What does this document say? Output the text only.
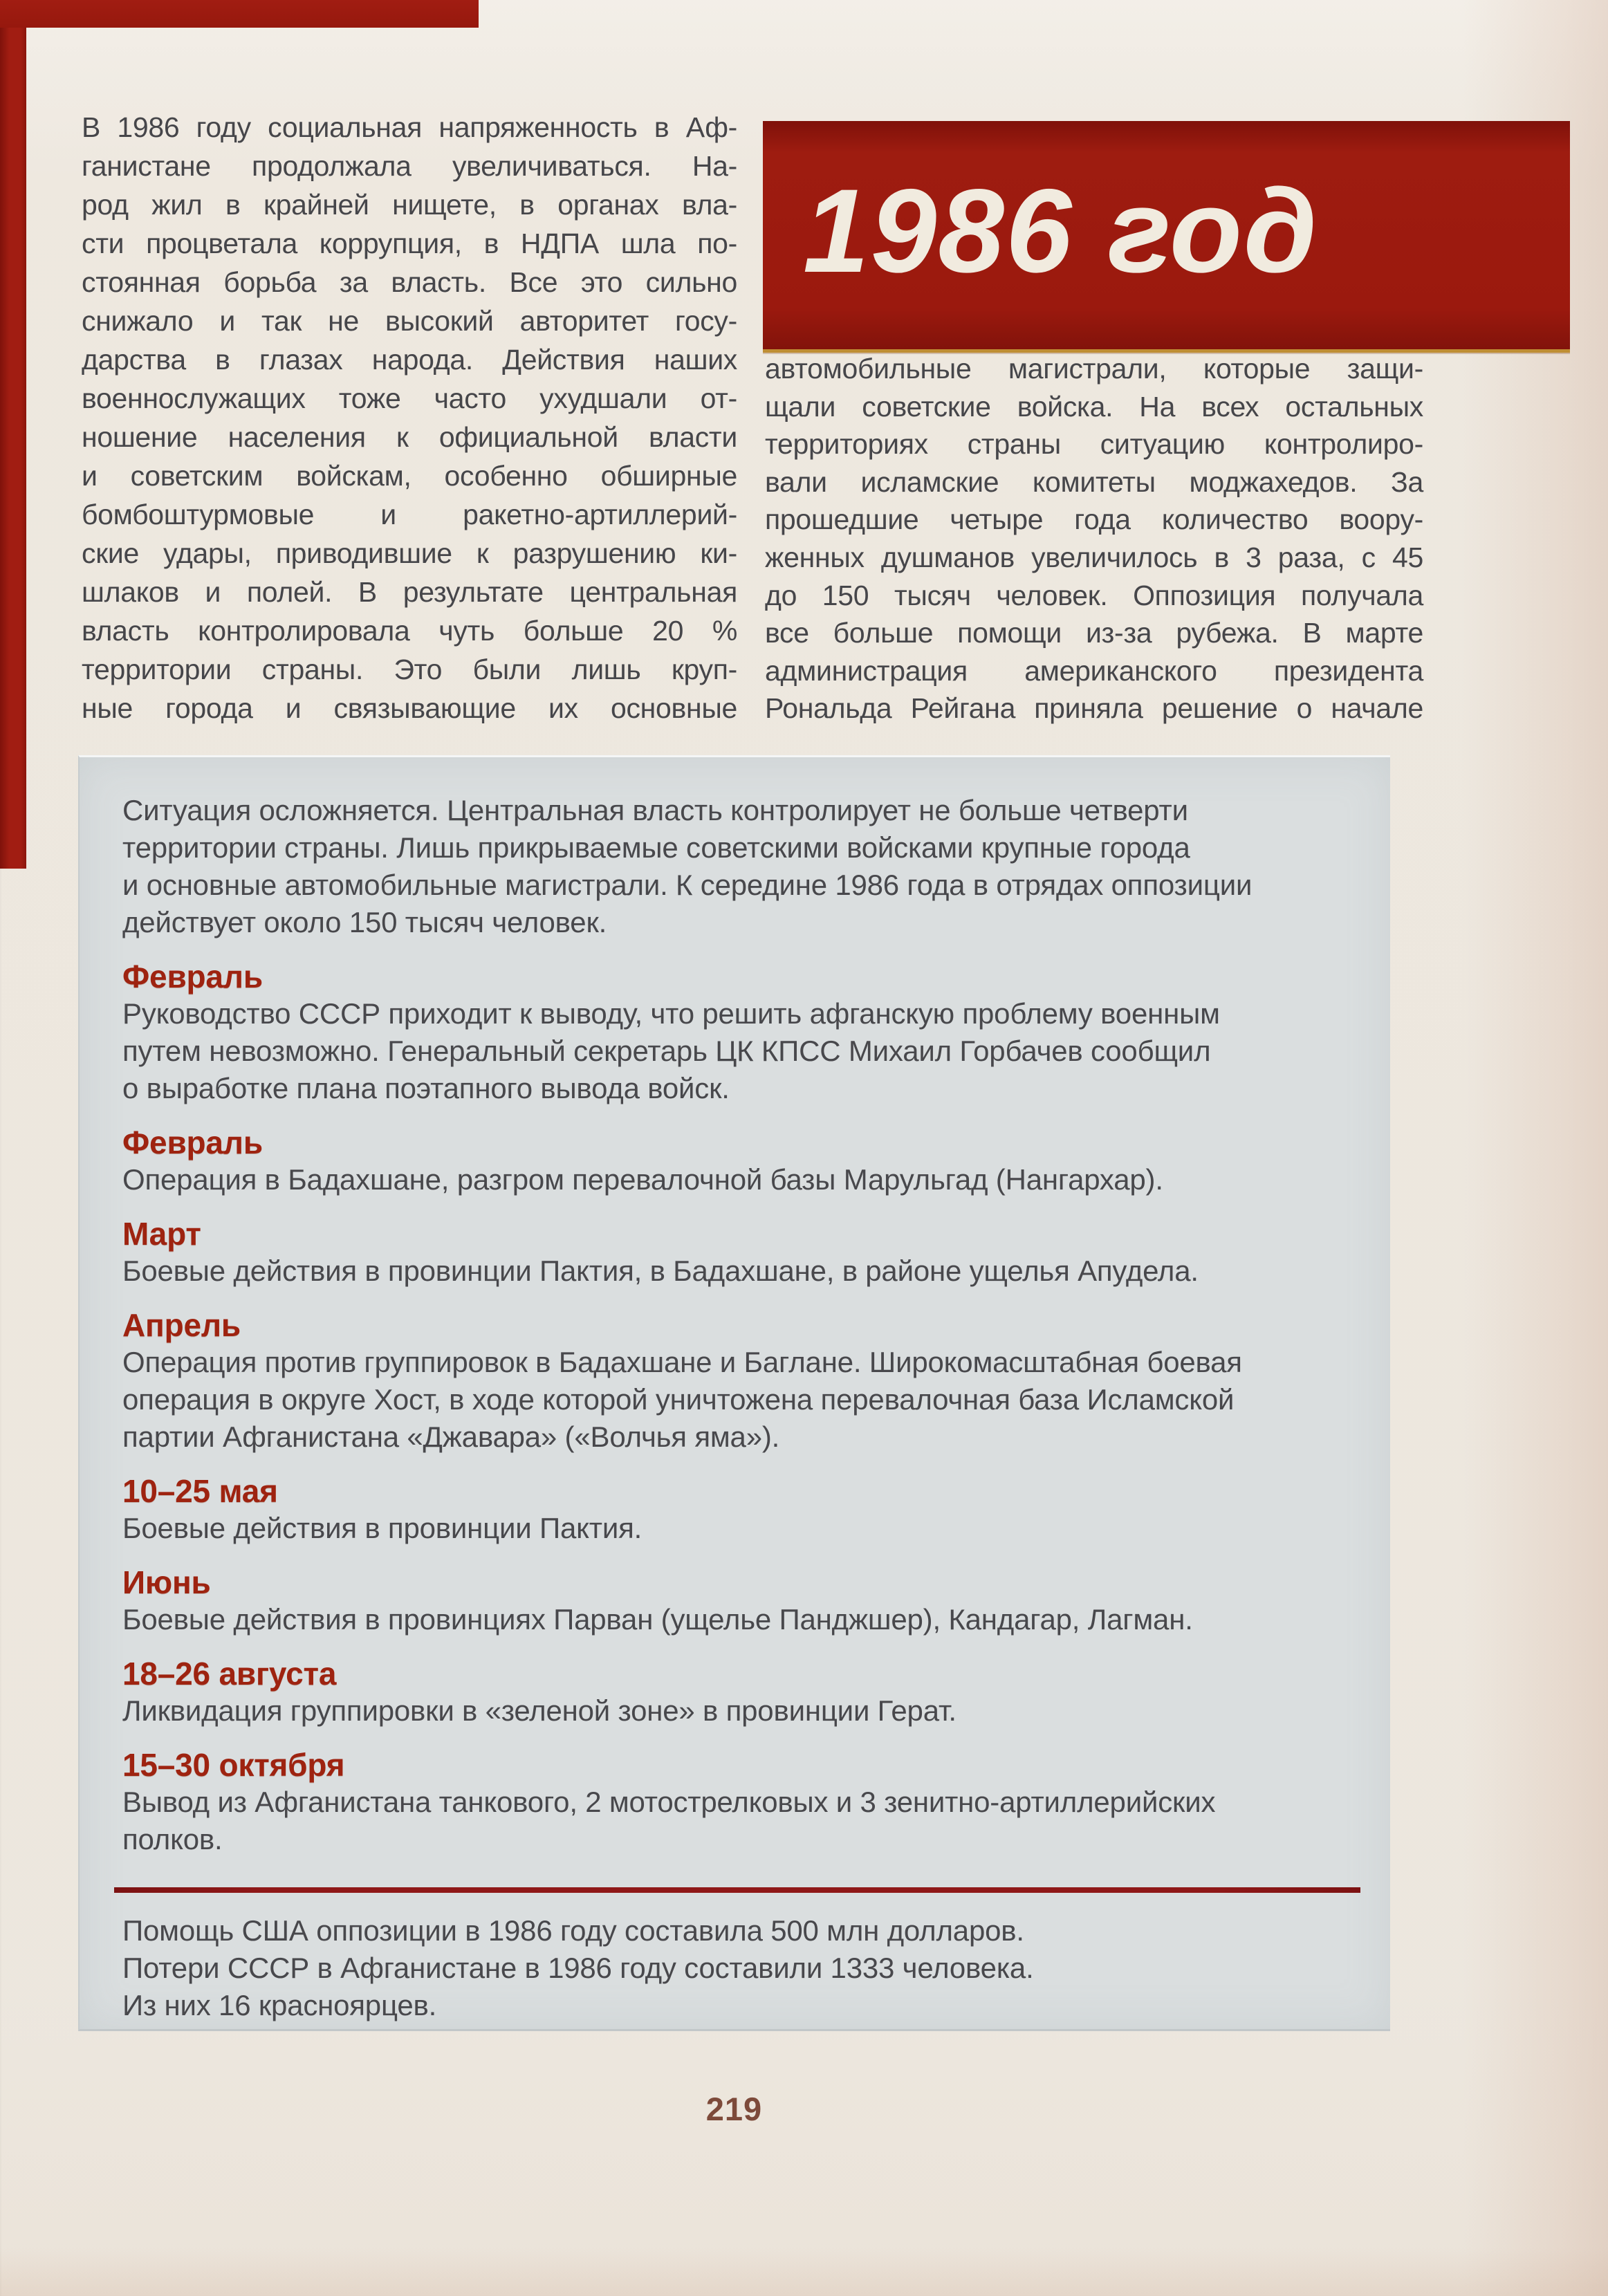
В 1986 году социальная напряженность в Аф-
ганистане продолжала увеличиваться. На-
род жил в крайней нищете, в органах вла-
сти процветала коррупция, в НДПА шла по-
стоянная борьба за власть. Все это сильно
снижало и так не высокий авторитет госу-
дарства в глазах народа. Действия наших
военнослужащих тоже часто ухудшали от-
ношение населения к официальной власти
и советским войскам, особенно обширные
бомбоштурмовые и ракетно-артиллерий-
ские удары, приводившие к разрушению ки-
шлаков и полей. В результате центральная
власть контролировала чуть больше 20 %
территории страны. Это были лишь круп-
ные города и связывающие их основные
1986 год
автомобильные магистрали, которые защи-
щали советские войска. На всех остальных
территориях страны ситуацию контролиро-
вали исламские комитеты моджахедов. За
прошедшие четыре года количество воору-
женных душманов увеличилось в 3 раза, с 45
до 150 тысяч человек. Оппозиция получала
все больше помощи из-за рубежа. В марте
администрация американского президента
Рональда Рейгана приняла решение о начале
Ситуация осложняется. Центральная власть контролирует не больше четверти
территории страны. Лишь прикрываемые советскими войсками крупные города
и основные автомобильные магистрали. К середине 1986 года в отрядах оппозиции
действует около 150 тысяч человек.
Февраль
Руководство СССР приходит к выводу, что решить афганскую проблему военным
путем невозможно. Генеральный секретарь ЦК КПСС Михаил Горбачев сообщил
о выработке плана поэтапного вывода войск.
Февраль
Операция в Бадахшане, разгром перевалочной базы Марульгад (Нангархар).
Март
Боевые действия в провинции Пактия, в Бадахшане, в районе ущелья Апудела.
Апрель
Операция против группировок в Бадахшане и Баглане. Широкомасштабная боевая
операция в округе Хост, в ходе которой уничтожена перевалочная база Исламской
партии Афганистана «Джавара» («Волчья яма»).
10–25 мая
Боевые действия в провинции Пактия.
Июнь
Боевые действия в провинциях Парван (ущелье Панджшер), Кандагар, Лагман.
18–26 августа
Ликвидация группировки в «зеленой зоне» в провинции Герат.
15–30 октября
Вывод из Афганистана танкового, 2 мотострелковых и 3 зенитно-артиллерийских
полков.
Помощь США оппозиции в 1986 году составила 500 млн долларов.
Потери СССР в Афганистане в 1986 году составили 1333 человека.
Из них 16 красноярцев.
219
